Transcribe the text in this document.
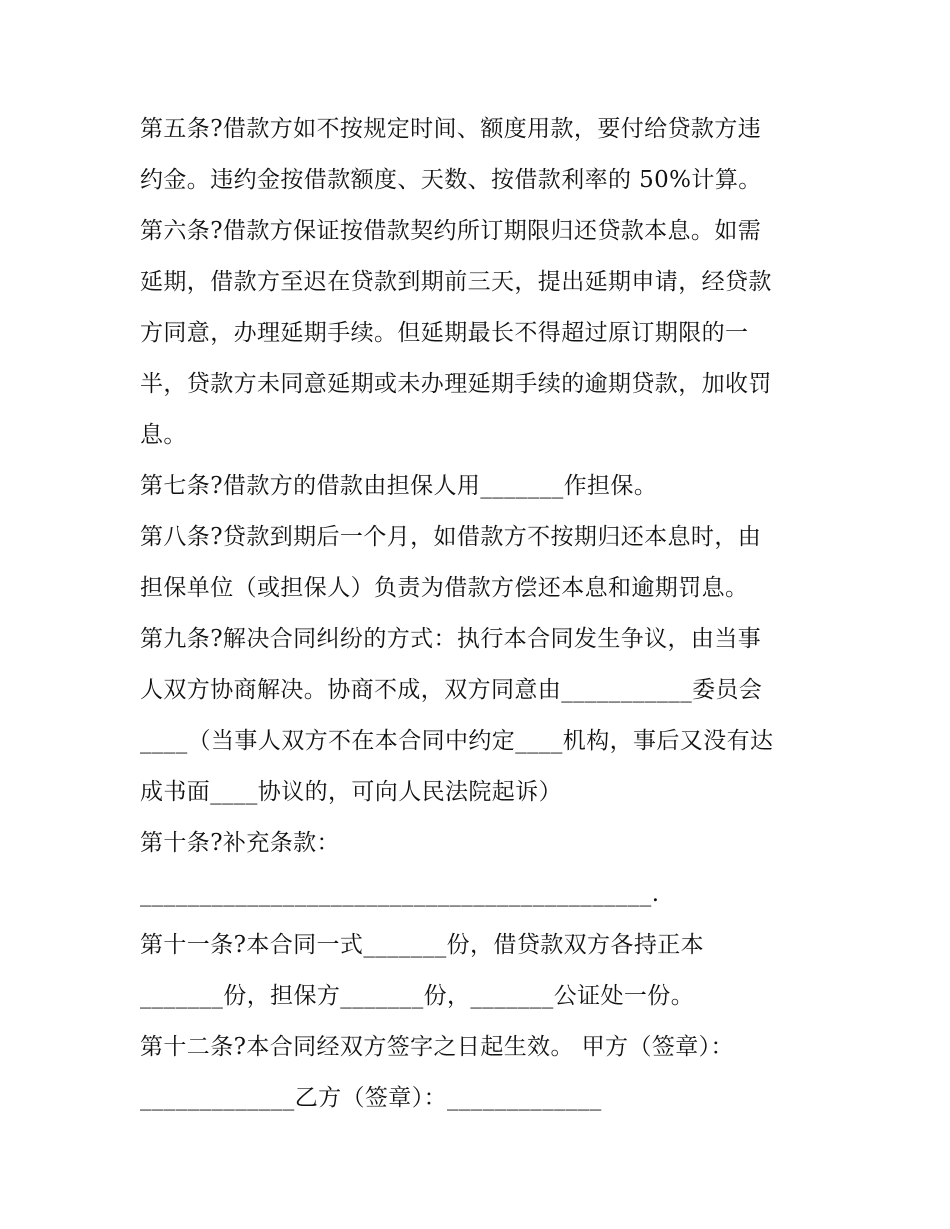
第五条?借款方如不按规定时间、额度用款，要付给贷款方违
约金。违约金按借款额度、天数、按借款利率的 50%计算。
第六条?借款方保证按借款契约所订期限归还贷款本息。如需
延期，借款方至迟在贷款到期前三天，提出延期申请，经贷款
方同意，办理延期手续。但延期最长不得超过原订期限的一
半，贷款方未同意延期或未办理延期手续的逾期贷款，加收罚
息。
第七条?借款方的借款由担保人用_______作担保。
第八条?贷款到期后一个月，如借款方不按期归还本息时，由
担保单位（或担保人）负责为借款方偿还本息和逾期罚息。
第九条?解决合同纠纷的方式：执行本合同发生争议，由当事
人双方协商解决。协商不成，双方同意由___________委员会
____（当事人双方不在本合同中约定____机构，事后又没有达
成书面____协议的，可向人民法院起诉）
第十条?补充条款：
___________________________________________.
第十一条?本合同一式_______份，借贷款双方各持正本
_______份，担保方_______份，_______公证处一份。
第十二条?本合同经双方签字之日起生效。 甲方（签章）：
_____________乙方（签章）：_____________
